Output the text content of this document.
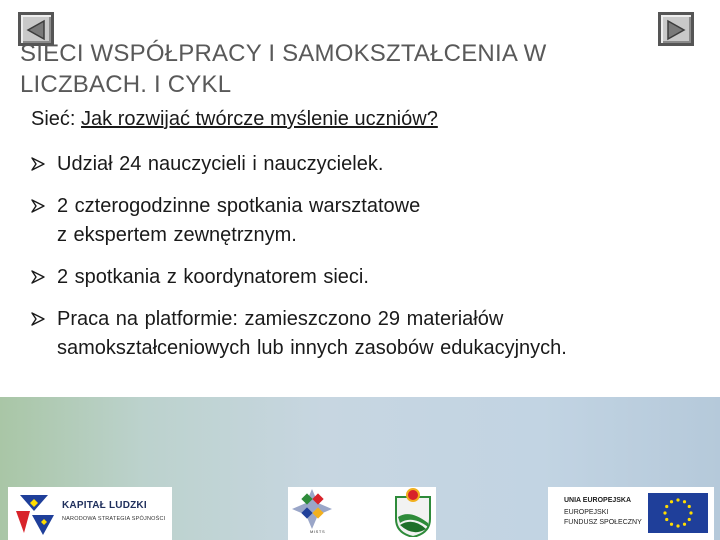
SIECI WSPÓŁPRACY I SAMOKSZTAŁCENIA W
LICZBACH. I CYKL
Sieć: Jak rozwijać twórcze myślenie uczniów?
Udział 24 nauczycieli i nauczycielek.
2 czterogodzinne spotkania warsztatowe
z ekspertem zewnętrznym.
2 spotkania z koordynatorem sieci.
Praca na platformie: zamieszczono 29 materiałów
samokształceniowych lub innych zasobów edukacyjnych.
KAPITAŁ LUDZKI
NARODOWA STRATEGIA SPÓJNOŚCI
MISTS
UNIA EUROPEJSKA
EUROPEJSKI
FUNDUSZ SPOŁECZNY
